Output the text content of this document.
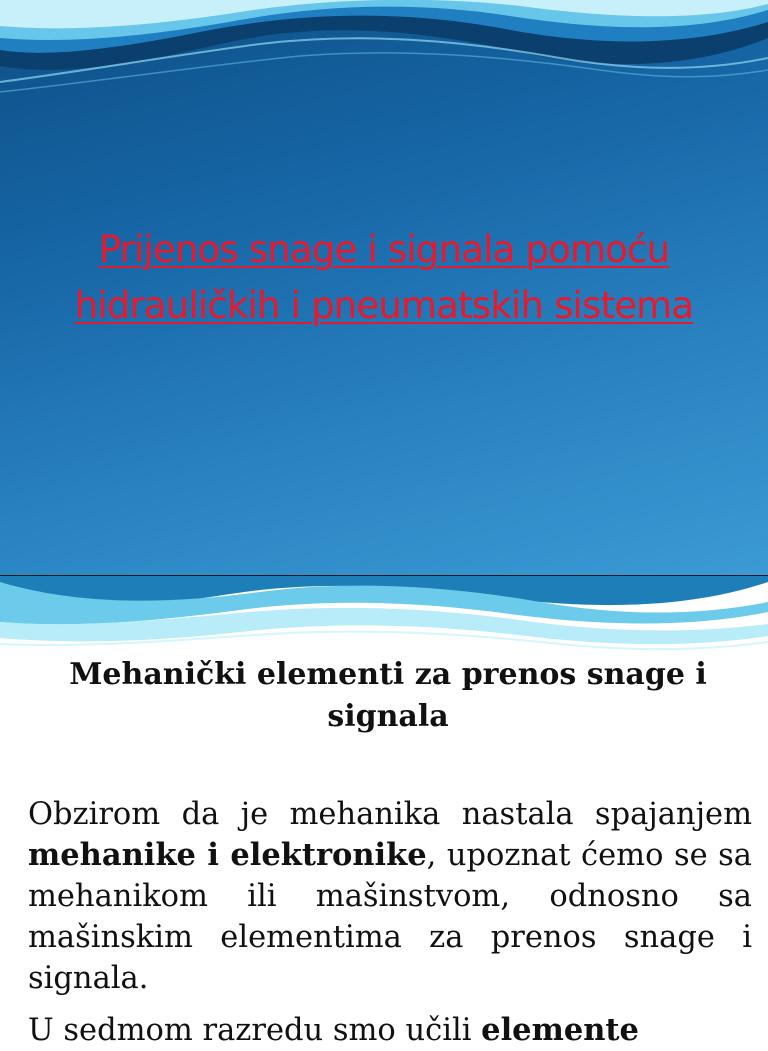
Prijenos snage i signala pomoću
hidrauličkih i pneumatskih sistema
Mehanički elementi za prenos snage i signala

Obzirom da je mehanika nastala spajanjem mehanike i elektronike, upoznat ćemo se sa mehanikom ili mašinstvom, odnosno sa mašinskim elementima za prenos snage i signala.

U sedmom razredu smo učili elemente
